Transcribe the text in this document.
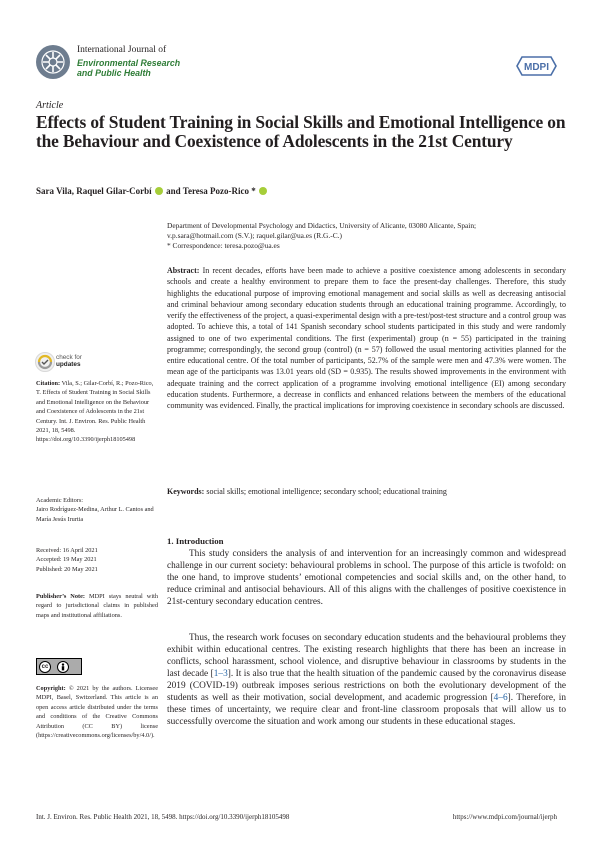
International Journal of
Environmental Research
and Public Health	MDPI
Article
Effects of Student Training in Social Skills and Emotional Intelligence on the Behaviour and Coexistence of Adolescents in the 21st Century
Sara Vila, Raquel Gilar-Corbí and Teresa Pozo-Rico *

Department of Developmental Psychology and Didactics, University of Alicante, 03080 Alicante, Spain;

v.p.sara@hotmail.com (S.V.); raquel.gilar@ua.es (R.G.-C.)

* Correspondence: teresa.pozo@ua.es

Abstract: In recent decades, efforts have been made to achieve a positive coexistence among adolescents in secondary schools and create a healthy environment to prepare them to face the present-day challenges. Therefore, this study highlights the educational purpose of improving emotional management and social skills as well as decreasing antisocial and criminal behaviour among secondary education students through an educational training programme. Accordingly, to verify the effectiveness of the project, a quasi-experimental design with a pre-test/post-test structure and a control group was adopted. To achieve this, a total of 141 Spanish secondary school students participated in this study and were randomly assigned to one of two experimental conditions. The first (experimental) group (n = 55) participated in the training programme; correspondingly, the second group (control) (n = 57) followed the usual mentoring activities planned for the entire educational centre. Of the total number of participants, 52.7% of the sample were men and 47.3% were women. The mean age of the participants was 13.01 years old (SD = 0.935). The results showed improvements in the environment with adequate training and the correct application of a programme involving emotional intelligence (EI) among secondary education students. Furthermore, a decrease in conflicts and enhanced relations between the members of the educational community was evidenced. Finally, the practical implications for improving coexistence in secondary schools are discussed.
Keywords: social skills; emotional intelligence; secondary school; educational training
check for
updates
Citation: Vila, S.; Gilar-Corbí, R.; Pozo-Rico, T. Effects of Student Training in Social Skills and Emotional Intelligence on the Behaviour and Coexistence of Adolescents in the 21st Century. Int. J. Environ. Res. Public Health 2021, 18, 5498. https://doi.org/10.3390/ijerph18105498
Academic Editors:
Jairo Rodríguez-Medina, Arthur L. Cantos and María Jesús Irurtia
Received: 16 April 2021
Accepted: 19 May 2021
Published: 20 May 2021
Publisher’s Note: MDPI stays neutral with regard to jurisdictional claims in published maps and institutional affiliations.
cc
Copyright: © 2021 by the authors. Licensee MDPI, Basel, Switzerland. This article is an open access article distributed under the terms and conditions of the Creative Commons Attribution (CC BY) license (https://creativecommons.org/licenses/by/4.0/).
1. Introduction

This study considers the analysis of and intervention for an increasingly common and widespread challenge in our current society: behavioural problems in school. The purpose of this article is twofold: on the one hand, to improve students’ emotional competencies and social skills and, on the other hand, to reduce criminal and antisocial behaviours. All of this aligns with the challenges of positive coexistence in 21st-century secondary education centres.

Thus, the research work focuses on secondary education students and the behavioural problems they exhibit within educational centres. The existing research highlights that there has been an increase in conflicts, school harassment, school violence, and disruptive behaviour in classrooms by students in the last decade [1–3]. It is also true that the health situation of the pandemic caused by the coronavirus disease 2019 (COVID-19) outbreak imposes serious restrictions on both the evolutionary development of the students as well as their motivation, social development, and academic progression [4–6]. Therefore, in these times of uncertainty, we require clear and front-line classroom proposals that will allow us to successfully overcome the situation and work among our students in these educational stages.

Int. J. Environ. Res. Public Health 2021, 18, 5498. https://doi.org/10.3390/ijerph18105498	https://www.mdpi.com/journal/ijerph
